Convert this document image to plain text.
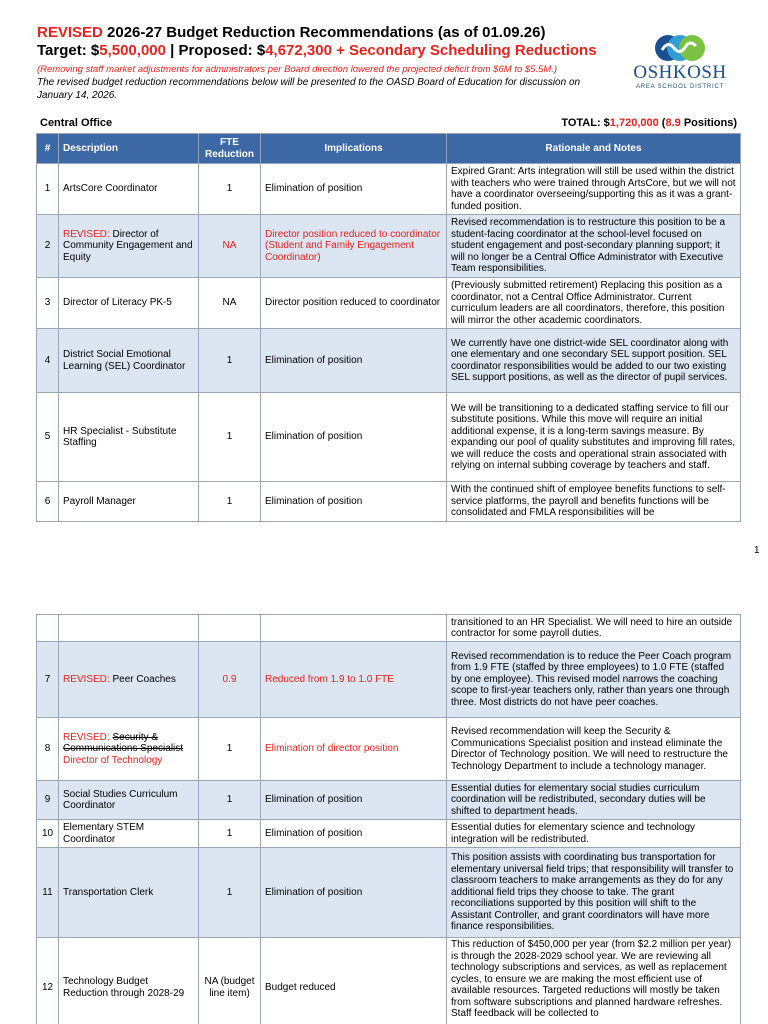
REVISED 2026-27 Budget Reduction Recommendations (as of 01.09.26)
Target: $5,500,000 | Proposed: $4,672,300 + Secondary Scheduling Reductions
(Removing staff market adjustments for administrators per Board direction lowered the projected deficit from $6M to $5.5M.)
The revised budget reduction recommendations below will be presented to the OASD Board of Education for discussion on January 14, 2026.
OSHKOSH
AREA SCHOOL DISTRICT
Central Office	TOTAL: $1,720,000 (8.9 Positions)
#	Description	FTE Reduction	Implications	Rationale and Notes
1	ArtsCore Coordinator	1	Elimination of position	Expired Grant: Arts integration will still be used within the district with teachers who were trained through ArtsCore, but we will not have a coordinator overseeing/supporting this as it was a grant-funded position.
2	REVISED: Director of Community Engagement and Equity	NA	Director position reduced to coordinator (Student and Family Engagement Coordinator)	Revised recommendation is to restructure this position to be a student-facing coordinator at the school-level focused on student engagement and post-secondary planning support; it will no longer be a Central Office Administrator with Executive Team responsibilities.
3	Director of Literacy PK-5	NA	Director position reduced to coordinator	(Previously submitted retirement) Replacing this position as a coordinator, not a Central Office Administrator. Current curriculum leaders are all coordinators, therefore, this position will mirror the other academic coordinators.
4	District Social Emotional Learning (SEL) Coordinator	1	Elimination of position	We currently have one district-wide SEL coordinator along with one elementary and one secondary SEL support position. SEL coordinator responsibilities would be added to our two existing SEL support positions, as well as the director of pupil services.
5	HR Specialist - Substitute Staffing	1	Elimination of position	We will be transitioning to a dedicated staffing service to fill our substitute positions. While this move will require an initial additional expense, it is a long-term savings measure. By expanding our pool of quality substitutes and improving fill rates, we will reduce the costs and operational strain associated with relying on internal subbing coverage by teachers and staff.
6	Payroll Manager	1	Elimination of position	With the continued shift of employee benefits functions to self-service platforms, the payroll and benefits functions will be consolidated and FMLA responsibilities will be
1
				transitioned to an HR Specialist. We will need to hire an outside contractor for some payroll duties.
7	REVISED: Peer Coaches	0.9	Reduced from 1.9 to 1.0 FTE	Revised recommendation is to reduce the Peer Coach program from 1.9 FTE (staffed by three employees) to 1.0 FTE (staffed by one employee). This revised model narrows the coaching scope to first-year teachers only, rather than years one through three. Most districts do not have peer coaches.
8	REVISED: Security & Communications Specialist Director of Technology	1	Elimination of director position	Revised recommendation will keep the Security & Communications Specialist position and instead eliminate the Director of Technology position. We will need to restructure the Technology Department to include a technology manager.
9	Social Studies Curriculum Coordinator	1	Elimination of position	Essential duties for elementary social studies curriculum coordination will be redistributed, secondary duties will be shifted to department heads.
10	Elementary STEM Coordinator	1	Elimination of position	Essential duties for elementary science and technology integration will be redistributed.
11	Transportation Clerk	1	Elimination of position	This position assists with coordinating bus transportation for elementary universal field trips; that responsibility will transfer to classroom teachers to make arrangements as they do for any additional field trips they choose to take. The grant reconciliations supported by this position will shift to the Assistant Controller, and grant coordinators will have more finance responsibilities.
12	Technology Budget Reduction through 2028-29	NA (budget line item)	Budget reduced	This reduction of $450,000 per year (from $2.2 million per year) is through the 2028-2029 school year. We are reviewing all technology subscriptions and services, as well as replacement cycles, to ensure we are making the most efficient use of available resources. Targeted reductions will mostly be taken from software subscriptions and planned hardware refreshes. Staff feedback will be collected to
